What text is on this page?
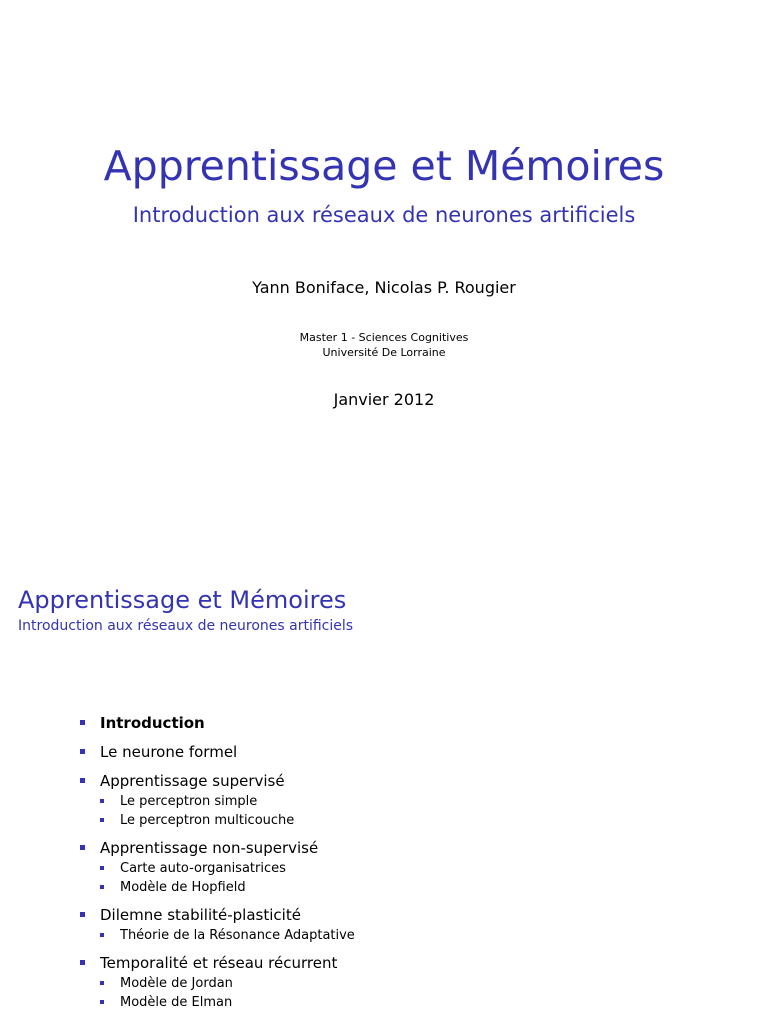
Apprentissage et Mémoires
Introduction aux réseaux de neurones artificiels
Yann Boniface, Nicolas P. Rougier
Master 1 - Sciences Cognitives
Université De Lorraine
Janvier 2012
Apprentissage et Mémoires
Introduction aux réseaux de neurones artificiels
Introduction
Le neurone formel
Apprentissage supervisé
Le perceptron simple
Le perceptron multicouche
Apprentissage non-supervisé
Carte auto-organisatrices
Modèle de Hopfield
Dilemne stabilité-plasticité
Théorie de la Résonance Adaptative
Temporalité et réseau récurrent
Modèle de Jordan
Modèle de Elman
